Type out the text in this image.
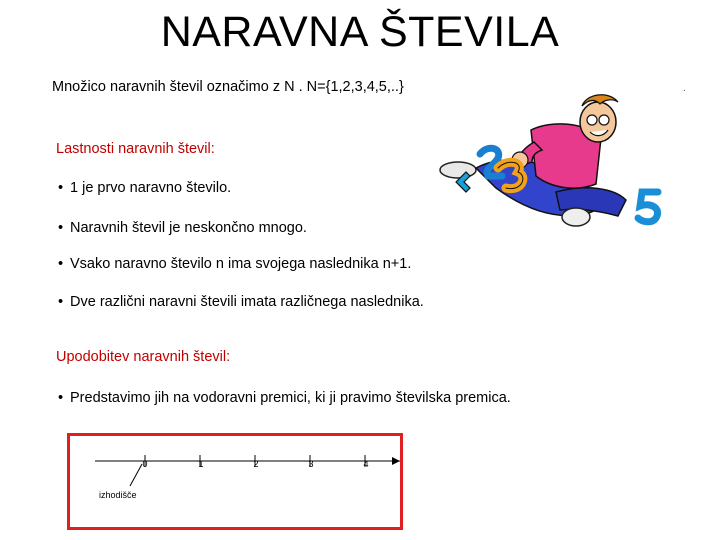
NARAVNA ŠTEVILA
Množico naravnih števil označimo z N . N={1,2,3,4,5,..}	.
Lastnosti naravnih števil:
• 1 je prvo naravno število.
• Naravnih števil je neskončno mnogo.
• Vsako naravno število n ima svojega naslednika n+1.
• Dve različni naravni števili imata različnega naslednika.
Upodobitev naravnih števil:
• Predstavimo jih na vodoravni premici, ki ji pravimo številska premica.
0	1	2	3	4
izhodišče
